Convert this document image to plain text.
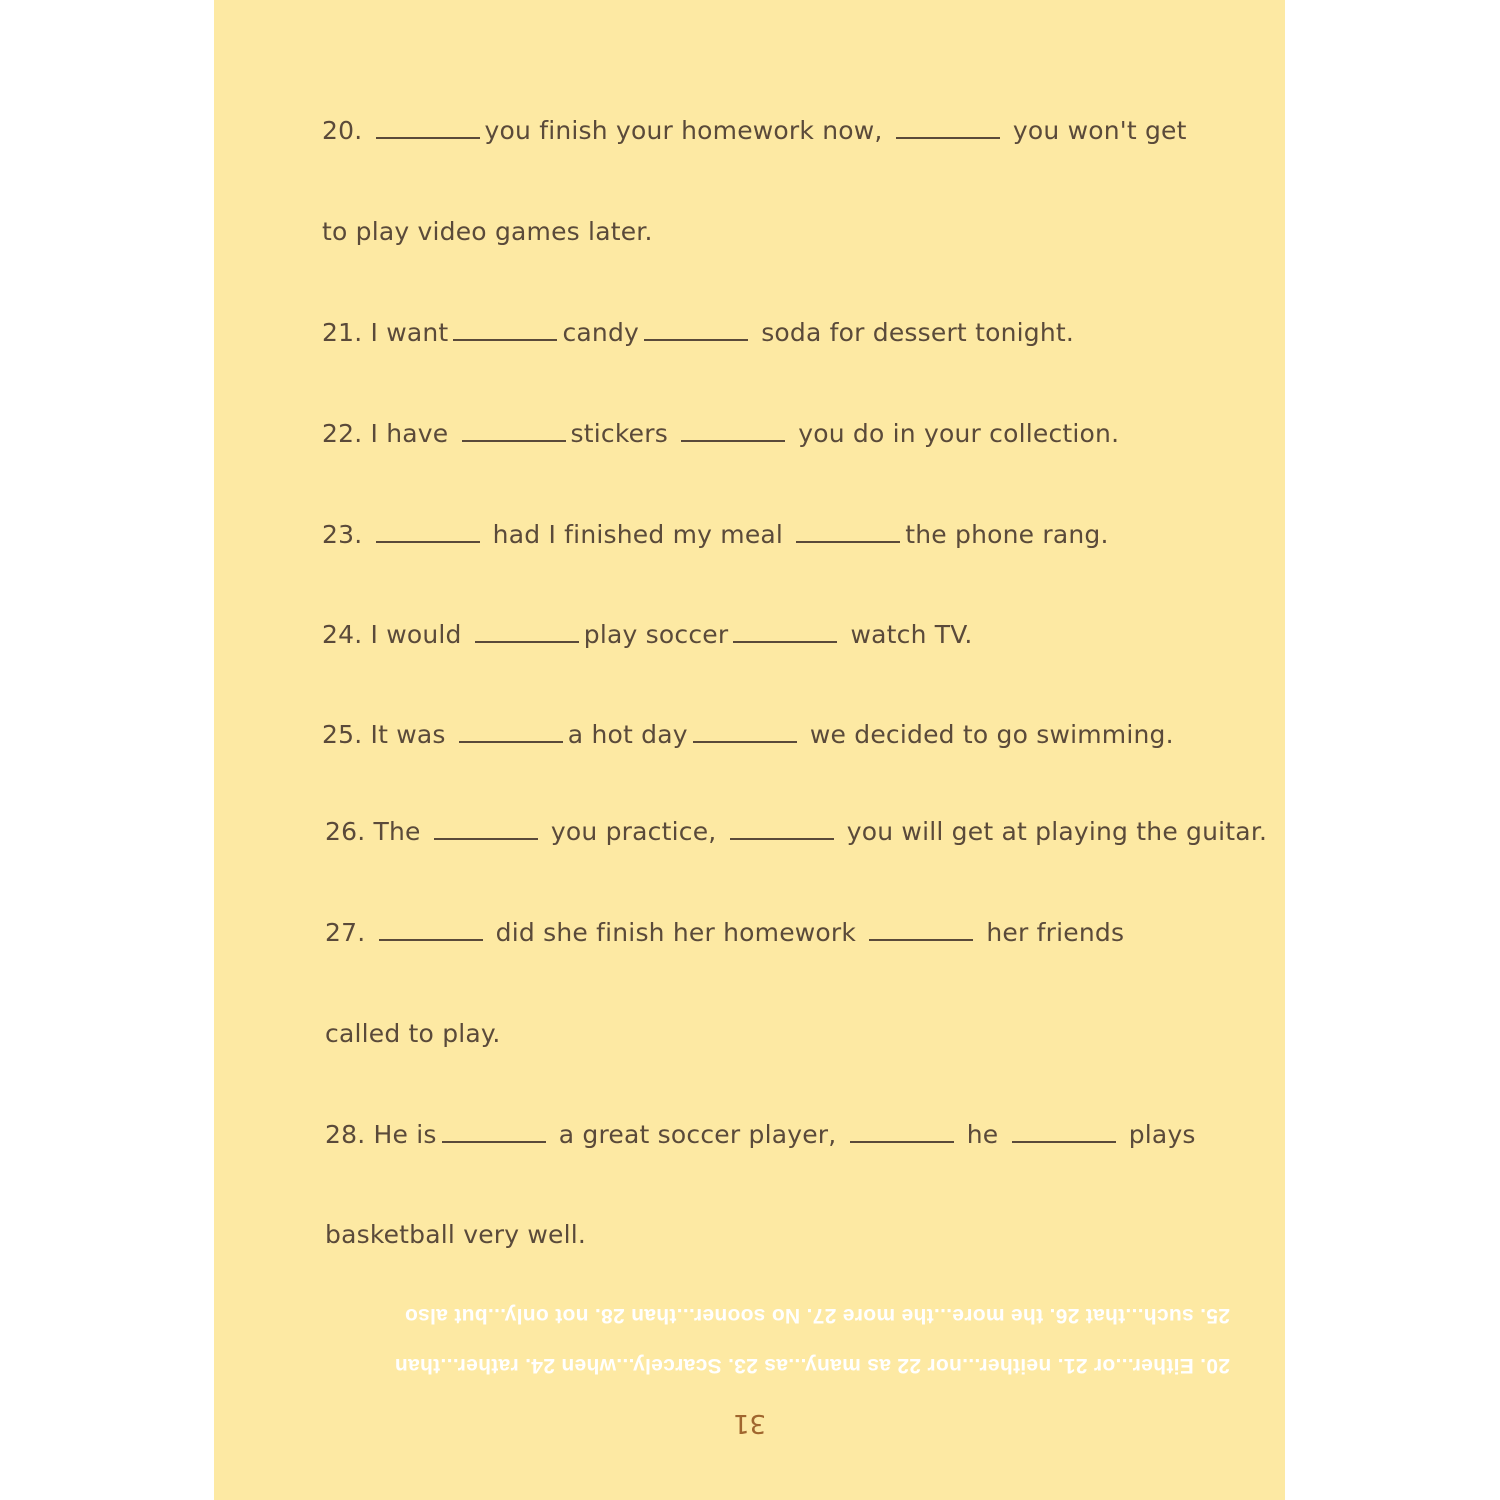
20.	you finish your homework now,	you won't get
to play video games later.
21. I want	candy	soda for dessert tonight.
22. I have	stickers	you do in your collection.
23.	had I finished my meal	the phone rang.
24. I would	play soccer	watch TV.
25. It was	a hot day	we decided to go swimming.
26. The	you practice,	you will get at playing the guitar.
27.	did she finish her homework	her friends
called to play.
28. He is	a great soccer player,	he	plays
basketball very well.
20. Either...or 21. neither...nor 22 as many...as 23. Scarcely...when 24. rather...than
25. such...that 26. the more...the more 27. No sooner...than 28. not only...but also
31
